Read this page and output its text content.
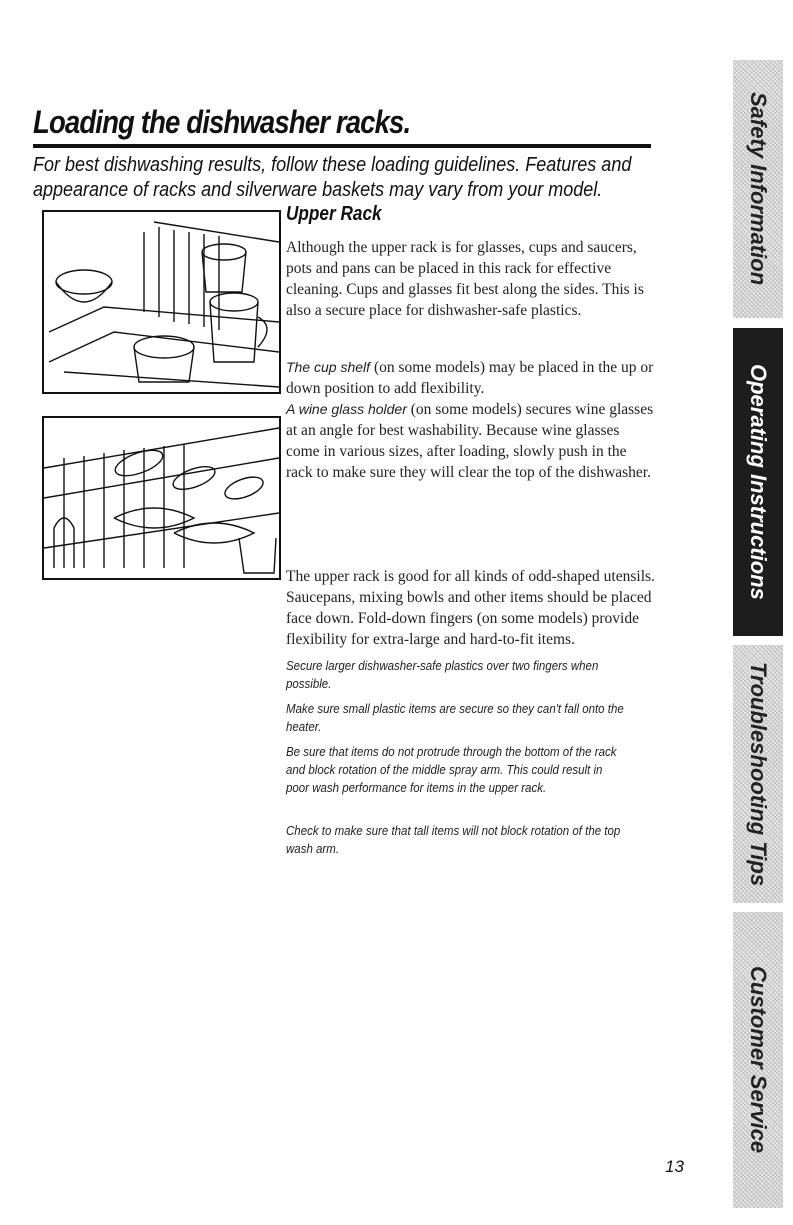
Loading the dishwasher racks.

For best dishwashing results, follow these loading guidelines. Features and appearance of racks and silverware baskets may vary from your model.

Upper Rack

Although the upper rack is for glasses, cups and saucers, pots and pans can be placed in this rack for effective cleaning. Cups and glasses fit best along the sides. This is also a secure place for dishwasher-safe plastics.

The cup shelf (on some models) may be placed in the up or down position to add flexibility.
A wine glass holder (on some models) secures wine glasses at an angle for best washability. Because wine glasses come in various sizes, after loading, slowly push in the rack to make sure they will clear the top of the dishwasher.

The upper rack is good for all kinds of odd-shaped utensils. Saucepans, mixing bowls and other items should be placed face down. Fold-down fingers (on some models) provide flexibility for extra-large and hard-to-fit items.

Secure larger dishwasher-safe plastics over two fingers when possible.

Make sure small plastic items are secure so they can't fall onto the heater.

Be sure that items do not protrude through the bottom of the rack and block rotation of the middle spray arm. This could result in poor wash performance for items in the upper rack.

Check to make sure that tall items will not block rotation of the top wash arm.

13
Safety Information
Operating Instructions
Troubleshooting Tips
Customer Service
